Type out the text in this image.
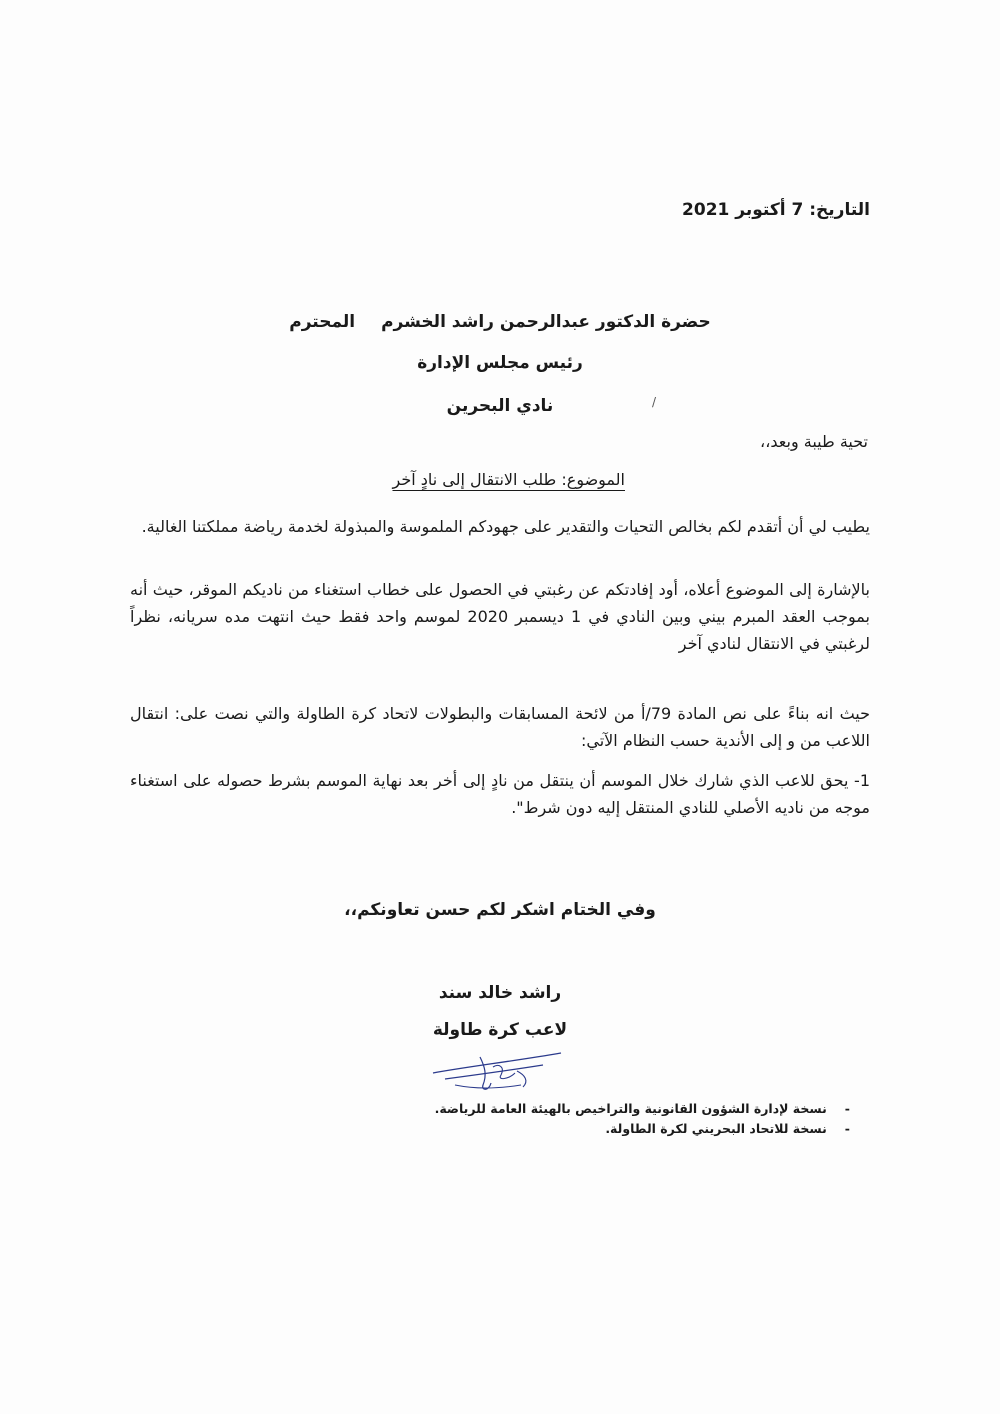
التاريخ: 7 أكتوبر 2021
حضرة الدكتور عبدالرحمن راشد الخشرمالمحترم
رئيس مجلس الإدارة
نادي البحرين	/
تحية طيبة وبعد،،
الموضوع: طلب الانتقال إلى نادٍ آخر
يطيب لي أن أتقدم لكم بخالص التحيات والتقدير على جهودكم الملموسة والمبذولة لخدمة رياضة مملكتنا الغالية.
بالإشارة إلى الموضوع أعلاه، أود إفادتكم عن رغبتي في الحصول على خطاب استغناء من ناديكم الموقر، حيث أنه بموجب العقد المبرم بيني وبين النادي في 1 ديسمبر 2020 لموسم واحد فقط حيث انتهت مده سريانه، نظراً لرغبتي في الانتقال لنادي آخر
حيث انه بناءً على نص المادة 79/أ من لائحة المسابقات والبطولات لاتحاد كرة الطاولة والتي نصت على: انتقال اللاعب من و إلى الأندية حسب النظام الآتي:
1- يحق للاعب الذي شارك خلال الموسم أن ينتقل من نادٍ إلى أخر بعد نهاية الموسم بشرط حصوله على استغناء موجه من ناديه الأصلي للنادي المنتقل إليه دون شرط".
وفي الختام اشكر لكم حسن تعاونكم،،
راشد خالد سند
لاعب كرة طاولة
-نسخة لإدارة الشؤون القانونية والتراخيص بالهيئة العامة للرياضة.
-نسخة للاتحاد البحريني لكرة الطاولة.
